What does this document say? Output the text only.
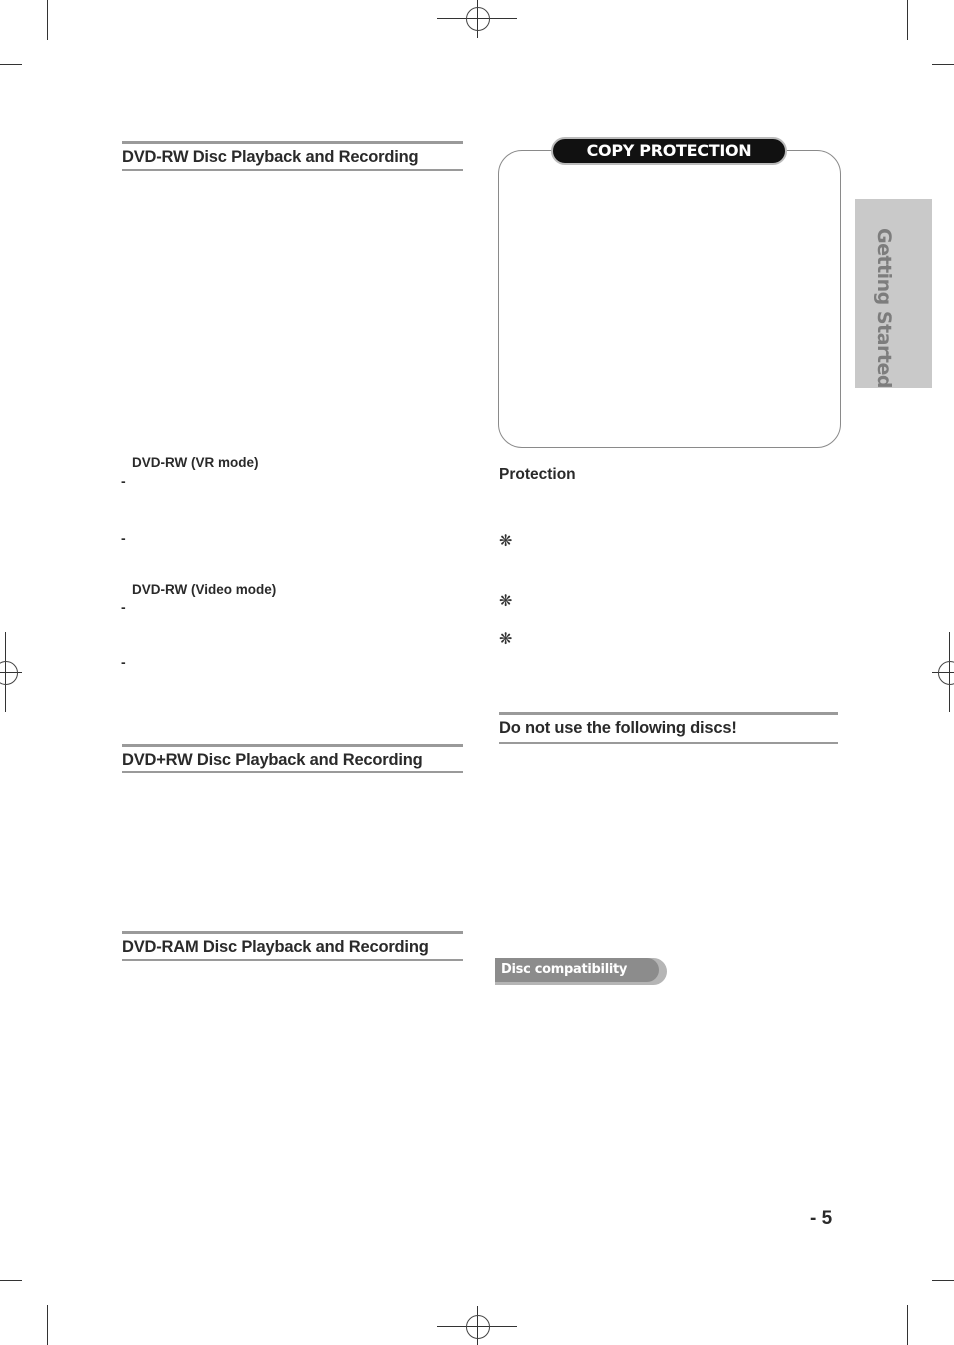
DVD-RW Disc Playback and Recording
DVD-RW (VR mode)
-
-
DVD-RW (Video mode)
-
-
DVD+RW Disc Playback and Recording
DVD-RAM Disc Playback and Recording
COPY PROTECTION
Protection
❋
❋
❋
Do not use the following discs!
Disc compatibility
Getting Started
- 5
